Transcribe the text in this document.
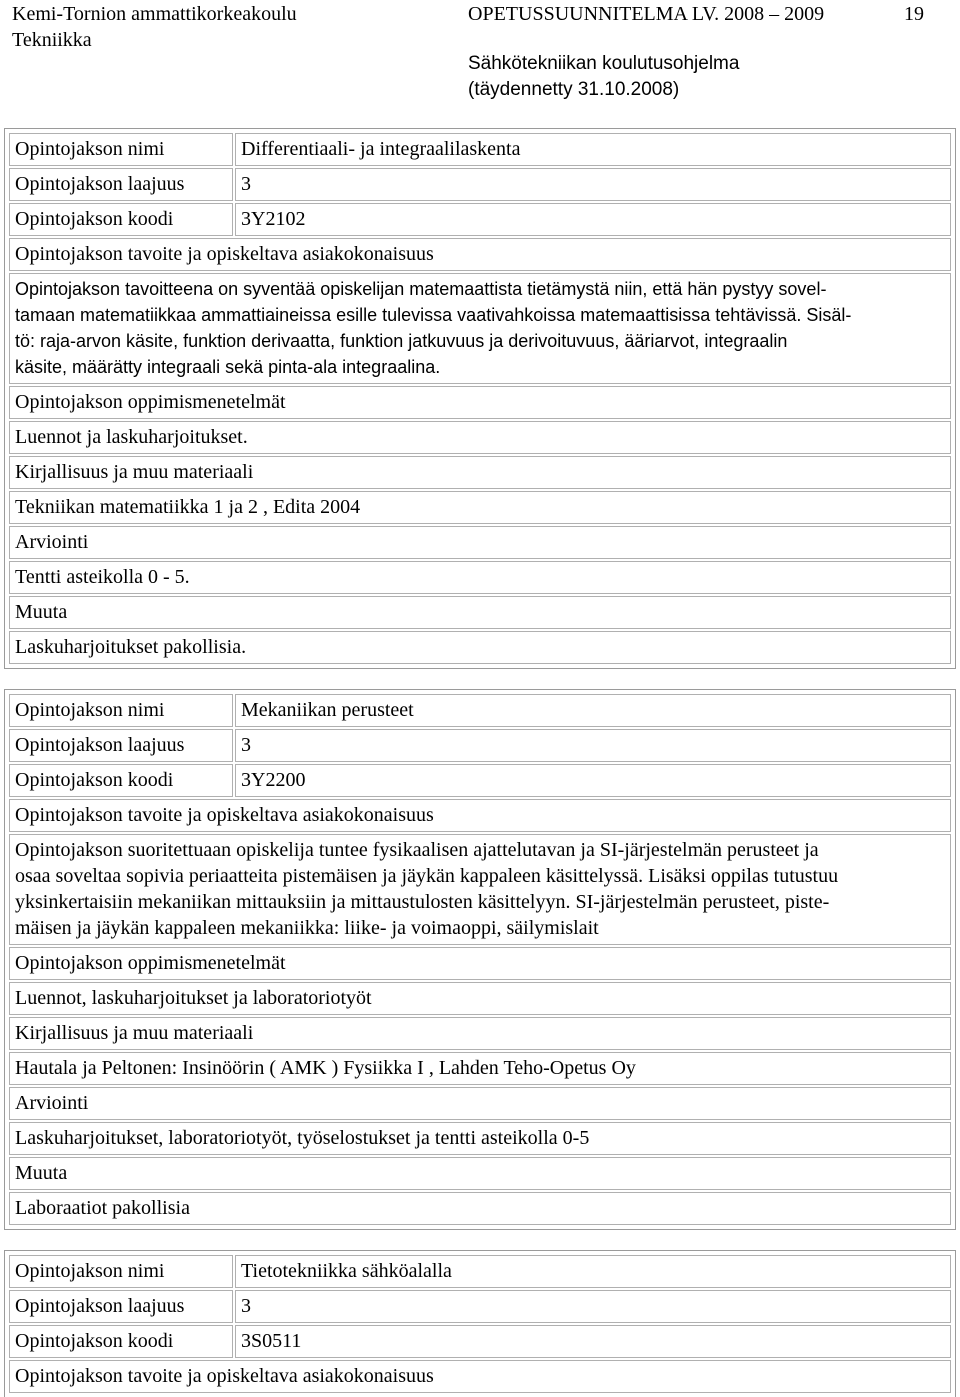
Kemi-Tornion ammattikorkeakoulu
Tekniikka
OPETUSSUUNNITELMA LV. 2008 – 2009
Sähkötekniikan koulutusohjelma
(täydennetty 31.10.2008)
19
Opintojakson nimi	Differentiaali- ja integraalilaskenta
Opintojakson laajuus	3
Opintojakson koodi	3Y2102
Opintojakson tavoite ja opiskeltava asiakokonaisuus	

Opintojakson tavoitteena on syventää opiskelijan matemaattista tietämystä niin, että hän pystyy sovel-
tamaan matematiikkaa ammattiaineissa esille tulevissa vaativahkoissa matemaattisissa tehtävissä. Sisäl-
tö: raja-arvon käsite, funktion derivaatta, funktion jatkuvuus ja derivoituvuus, ääriarvot, integraalin
käsite, määrätty integraali sekä pinta-ala integraalina.	

Opintojakson oppimismenetelmät	
Luennot ja laskuharjoitukset.	
Kirjallisuus ja muu materiaali	
Tekniikan matematiikka 1 ja 2 , Edita 2004	
Arviointi	
Tentti asteikolla 0 - 5.	
Muuta	
Laskuharjoitukset pakollisia.	
Opintojakson nimi	Mekaniikan perusteet
Opintojakson laajuus	3
Opintojakson koodi	3Y2200
Opintojakson tavoite ja opiskeltava asiakokonaisuus	

Opintojakson suoritettuaan opiskelija tuntee fysikaalisen ajattelutavan ja SI-järjestelmän perusteet ja
osaa soveltaa sopivia periaatteita pistemäisen ja jäykän kappaleen käsittelyssä. Lisäksi oppilas tutustuu
yksinkertaisiin mekaniikan mittauksiin ja mittaustulosten käsittelyyn. SI-järjestelmän perusteet, piste-
mäisen ja jäykän kappaleen mekaniikka: liike- ja voimaoppi, säilymislait	

Opintojakson oppimismenetelmät	
Luennot, laskuharjoitukset ja laboratoriotyöt	
Kirjallisuus ja muu materiaali	
Hautala ja Peltonen: Insinöörin ( AMK ) Fysiikka I , Lahden Teho-Opetus Oy	
Arviointi	
Laskuharjoitukset, laboratoriotyöt, työselostukset ja tentti asteikolla 0-5	
Muuta	
Laboraatiot pakollisia	
Opintojakson nimi	Tietotekniikka sähköalalla
Opintojakson laajuus	3
Opintojakson koodi	3S0511
Opintojakson tavoite ja opiskeltava asiakokonaisuus	
